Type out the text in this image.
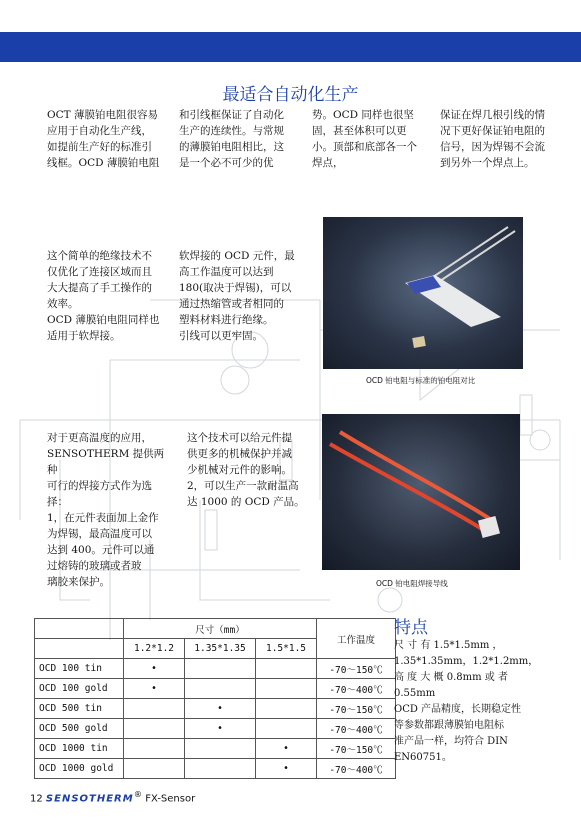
最适合自动化生产

OCT 薄膜铂电阻很容易
应用于自动化生产线，
如提前生产好的标准引
线框。OCD 薄膜铂电阻

和引线框保证了自动化
生产的连续性。与常规
的薄膜铂电阻相比，这
是一个必不可少的优

势。OCD 同样也很坚
固，甚至体积可以更
小。顶部和底部各一个
焊点，

保证在焊几根引线的情
况下更好保证铂电阻的
信号，因为焊锡不会流
到另外一个焊点上。

这个简单的绝缘技术不
仅优化了连接区域而且
大大提高了手工操作的
效率。
OCD 薄膜铂电阻同样也
适用于软焊接。

软焊接的 OCD 元件，最
高工作温度可以达到
180(取决于焊锡)，可以
通过热缩管或者相同的
塑料材料进行绝缘。
引线可以更牢固。

OCD 铂电阻与标准的铂电阻对比

对于更高温度的应用，
SENSOTHERM 提供两种
可行的焊接方式作为选
择：
1，在元件表面加上金作
为焊锡，最高温度可以
达到 400。元件可以通
过熔铸的玻璃或者玻
璃胶来保护。

这个技术可以给元件提
供更多的机械保护并减
少机械对元件的影响。
2，可以生产一款耐温高
达 1000 的 OCD 产品。

OCD 铂电阻焊接导线
	尺寸（mm）			工作温度
	1.2*1.2	1.35*1.35	1.5*1.5	
OCD 100 tin	•			-70～150℃
OCD 100 gold	•			-70～400℃
OCD 500 tin		•		-70～150℃
OCD 500 gold		•		-70～400℃
OCD 1000 tin			•	-70～150℃
OCD 1000 gold			•	-70～400℃
特点
尺 寸 有 1.5*1.5mm ，
1.35*1.35mm，1.2*1.2mm，
高 度 大 概 0.8mm 或 者
0.55mm
OCD 产品精度，长期稳定性
等参数都跟薄膜铂电阻标
准产品一样，均符合 DIN
EN60751。
12 SENSOTHERM® FX-Sensor
